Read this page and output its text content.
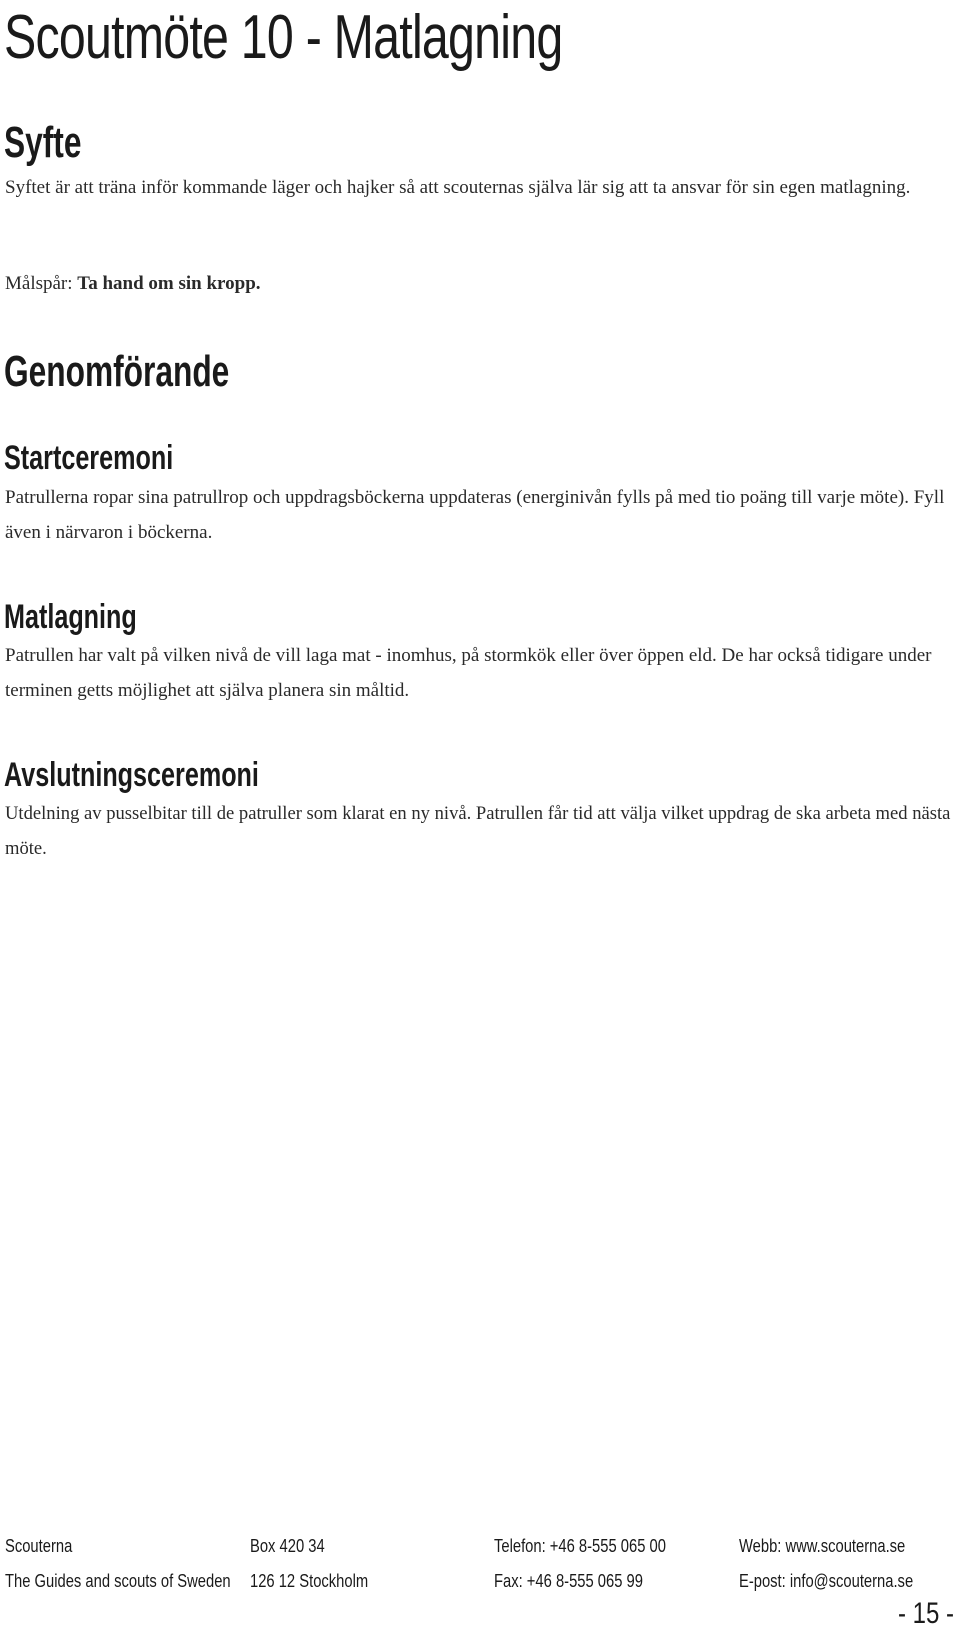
Scoutmöte 10 - Matlagning
Syfte

Syftet är att träna inför kommande läger och hajker så att scouternas själva lär sig att ta ansvar för sin egen matlagning.

Målspår: Ta hand om sin kropp.

Genomförande
Startceremoni

Patrullerna ropar sina patrullrop och uppdragsböckerna uppdateras (energinivån fylls på med tio poäng till varje möte). Fyll även i närvaron i böckerna.

Matlagning

Patrullen har valt på vilken nivå de vill laga mat - inomhus, på stormkök eller över öppen eld. De har också tidigare under terminen getts möjlighet att själva planera sin måltid.

Avslutningsceremoni

Utdelning av pusselbitar till de patruller som klarat en ny nivå. Patrullen får tid att välja vilket uppdrag de ska arbeta med nästa möte.

Scouterna
The Guides and scouts of Sweden
Box 420 34
126 12 Stockholm
Telefon: +46 8-555 065 00
Fax: +46 8-555 065 99
Webb: www.scouterna.se
E-post: info@scouterna.se
- 15 -
